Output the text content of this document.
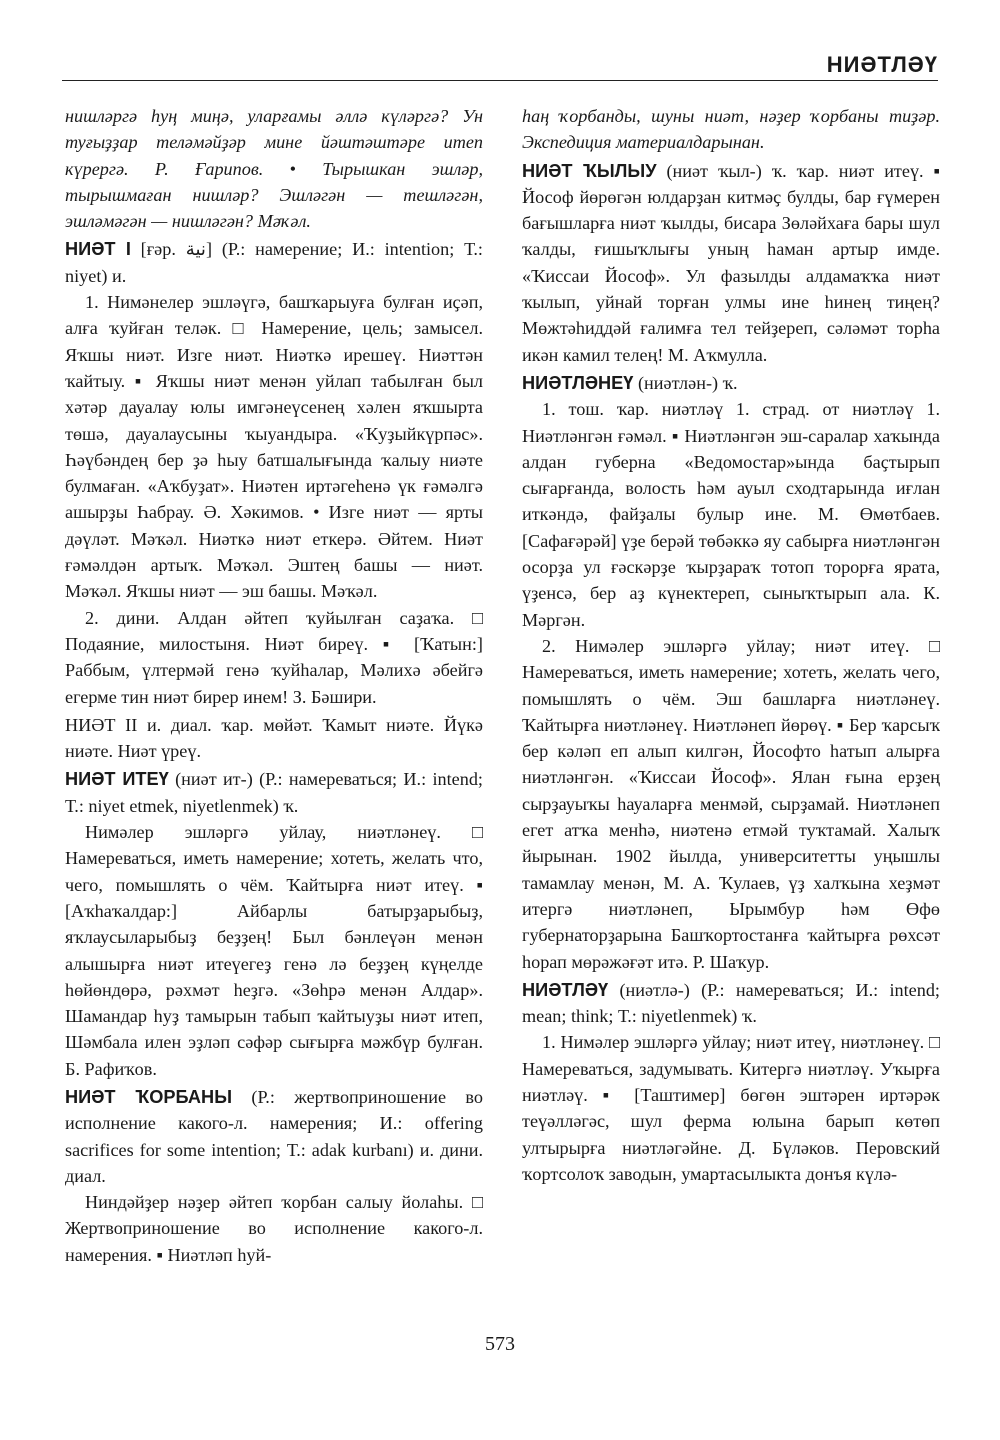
НИӘТЛӘҮ

нишләргә һуң миңә, уларғамы әллә күләргә? Ун туғыҙҙар теләмәйҙәр мине йәштәштәре итеп күрергә. Р. Ғарипов. • Тырышкан эшләр, тырышмаған нишләр? Эшләгән — тешләгән, эшләмәгән — нишләгән? Мәҡәл.

НИӘТ I [ғәр. نية] (Р.: намерение; И.: intention; Т.: niyet) и.

1. Нимәнелер эшләүгә, башҡарыуға булған иҫәп, алға ҡуйған теләк. □ Намерение, цель; замысел. Яҡшы ниәт. Изге ниәт. Ниәткә ирешеү. Ниәттән ҡайтыу. ▪ Яҡшы ниәт менән уйлап табылған был хәтәр дауалау юлы имгәнеүсенең хәлен яҡшырта төшә, дауалаусыны ҡыуандыра. «Ҡуҙыйкүрпәс». Һәүбәндең бер ҙә һыу батшалығында ҡалыу ниәте булмаған. «Аҡбуҙат». Ниәтен иртәгеһенә үк ғәмәлгә ашырҙы Һабрау. Ә. Хәкимов. • Изге ниәт — ярты дәүләт. Мәҡәл. Ниәткә ниәт еткерә. Әйтем. Ниәт ғәмәлдән артыҡ. Мәҡәл. Эштең башы — ниәт. Мәҡәл. Яҡшы ниәт — эш башы. Мәҡәл.

2. дини. Алдан әйтеп ҡуйылған саҙаҡа. □ Подаяние, милостыня. Ниәт биреү. ▪ [Ҡатын:] Раббым, үлтермәй генә ҡуйһалар, Мәлихә әбейгә егерме тин ниәт бирер инем! З. Бәшири.

НИӘТ II и. диал. ҡар. мөйәт. Ҡамыт ниәте. Йүкә ниәте. Ниәт үреү.

НИӘТ ИТЕҮ (ниәт ит-) (Р.: намереваться; И.: intend; Т.: niyet etmek, niyetlenmek) ҡ.

Нимәлер эшләргә уйлау, ниәтләнеү. □ Намереваться, иметь намерение; хотеть, желать что, чего, помышлять о чём. Ҡайтырға ниәт итеү. ▪ [Аҡһаҡалдар:] Айбарлы батырҙарыбыҙ, яҡлаусыларыбыҙ беҙҙең! Был бәнлеүән менән алышырға ниәт итеүегеҙ генә лә беҙҙең күңелде һөйөндөрә, рәхмәт һеҙгә. «Зөһрә менән Алдар». Шамандар һуҙ тамырын табып ҡайтыуҙы ниәт итеп, Шәмбала илен эҙләп сәфәр сығырға мәжбүр булған. Б. Рафиҡов.

НИӘТ ҠОРБАНЫ (Р.: жертвоприношение во исполнение какого-л. намерения; И.: offering sacrifices for some intention; Т.: adak kurbanı) и. дини. диал.

Ниндәйҙер нәҙер әйтеп ҡорбан салыу йолаһы. □ Жертвоприношение во исполнение какого-л. намерения. ▪ Ниәтләп һуй-

һаң ҡорбанды, шуны ниәт, нәҙер ҡорбаны тиҙәр. Экспедиция материалдарынан.

НИӘТ ҠЫЛЫУ (ниәт ҡыл-) ҡ. ҡар. ниәт итеү. ▪ Йософ йөрөгән юлдарҙан китмәҫ булды, бар ғүмерен бағышларға ниәт ҡылды, бисара Зөләйхаға бары шул ҡалды, ғишыҡлығы уның һаман артыр имде. «Ҡиссаи Йософ». Ул фазылды алдамаҡҡа ниәт ҡылып, уйнай торған улмы ине һинең тиңең? Мөжтәһиддәй ғалимға тел тейҙереп, сәләмәт торһа икән камил телең! М. Аҡмулла.

НИӘТЛӘНЕҮ (ниәтлән-) ҡ.

1. тош. ҡар. ниәтләү 1. страд. от ниәтләү 1. Ниәтләнгән ғәмәл. ▪ Ниәтләнгән эш-саралар хаҡында алдан губерна «Ведомостар»ында баҫтырып сығарғанда, волость һәм ауыл сходтарында иғлан иткәндә, файҙалы булыр ине. М. Өмөтбаев. [Сафағәрәй] үҙе берәй төбәккә яу сабырға ниәтләнгән осорҙа ул ғәскәрҙе ҡырҙараҡ тотоп торорға ярата, үҙенсә, бер аҙ күнектереп, сыныҡтырып ала. К. Мәргән.

2. Нимәлер эшләргә уйлау; ниәт итеү. □ Намереваться, иметь намерение; хотеть, желать чего, помышлять о чём. Эш башларға ниәтләнеү. Ҡайтырға ниәтләнеү. Ниәтләнеп йөрөү. ▪ Бер ҡарсыҡ бер кәләп еп алып килгән, Йософто һатып алырға ниәтләнгән. «Ҡиссаи Йософ». Ялан ғына ерҙең сырҙауыҡы һауаларға менмәй, сырҙамай. Ниәтләнеп егет атҡа менһә, ниәтенә етмәй туҡтамай. Халыҡ йырынан. 1902 йылда, университетты уңышлы тамамлау менән, М. А. Ҡулаев, үҙ халҡына хеҙмәт итергә ниәтләнеп, Ырымбур һәм Өфө губернаторҙарына Башҡортостанға ҡайтырға рөхсәт һорап мөрәжәғәт итә. Р. Шаҡур.

НИӘТЛӘҮ (ниәтлә-) (Р.: намереваться; И.: intend; mean; think; Т.: niyetlenmek) ҡ.

1. Нимәлер эшләргә уйлау; ниәт итеү, ниәтләнеү. □ Намереваться, задумывать. Китергә ниәтләү. Уҡырға ниәтләү. ▪ [Таштимер] бөгөн эштәрен иртәрәк теүәлләгәс, шул ферма юлына барып көтөп ултырырға ниәтләгәйне. Д. Бүләков. Перовский ҡортсолоҡ заводын, умартасылыкта донъя күлә-

573
